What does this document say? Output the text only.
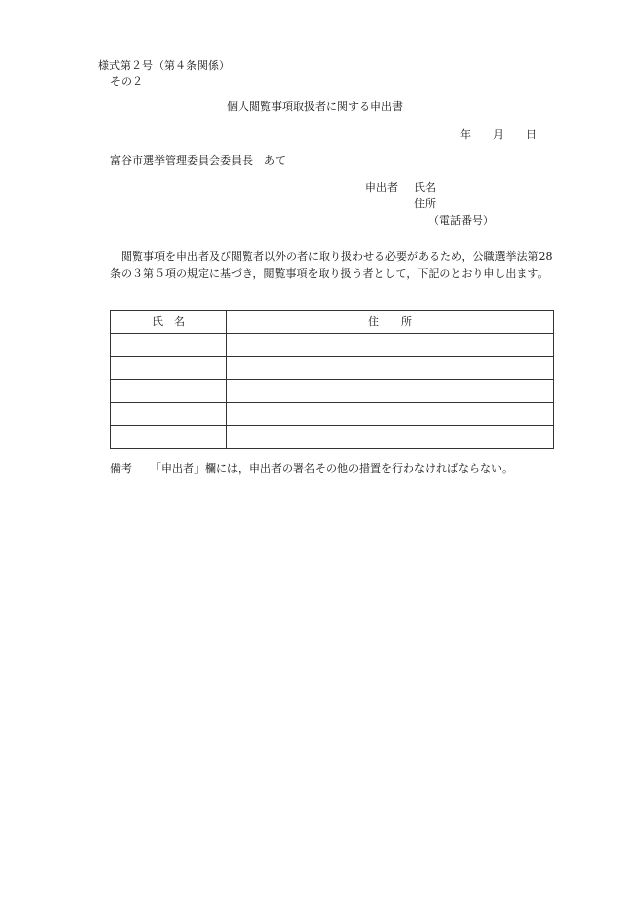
様式第２号（第４条関係）
その２
個人閲覧事項取扱者に関する申出書
年 月 日
富谷市選挙管理委員会委員長　あて
申出者 氏名
住所
（電話番号）
閲覧事項を申出者及び閲覧者以外の者に取り扱わせる必要があるため，公職選挙法第28条の３第５項の規定に基づき，閲覧事項を取り扱う者として，下記のとおり申し出ます。
氏　名	住　　所

備考 「申出者」欄には，申出者の署名その他の措置を行わなければならない。
